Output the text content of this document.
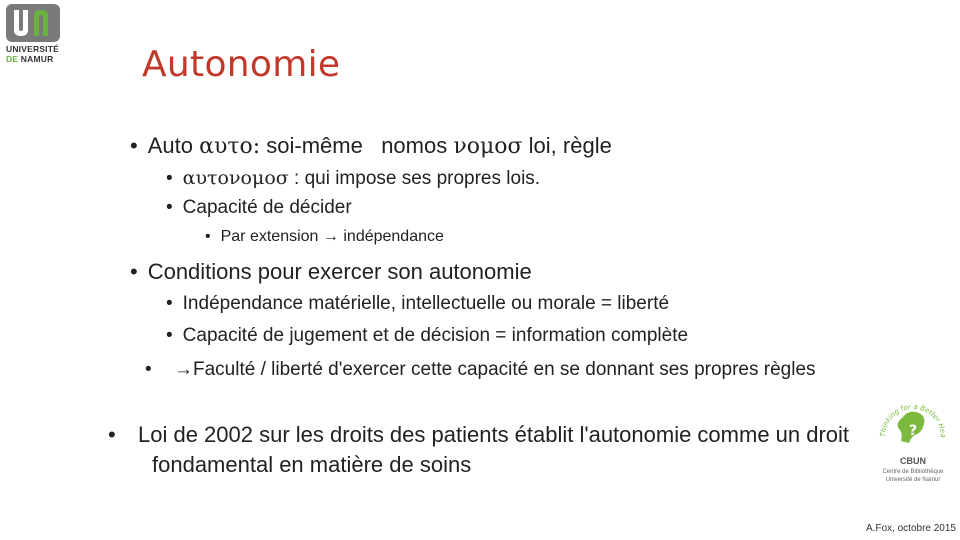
UNIVERSITÉ
DE NAMUR	Autonomie
• Auto αυτο: soi-même   nomos νομοσ loi, règle
• αυτονομοσ : qui impose ses propres lois.
• Capacité de décider
• Par extension → indépendance
• Conditions pour exercer son autonomie
• Indépendance matérielle, intellectuelle ou morale = liberté
• Capacité de jugement et de décision = information complète
• →Faculté / liberté d'exercer cette capacité en se donnant ses propres règles
• Loi de 2002 sur les droits des patients établit l'autonomie comme un droit fondamental en matière de soins
Thinking for a Better Hea
?
CBUN
Centre de Bibliothèque
Université de Namur
A.Fox, octobre 2015
